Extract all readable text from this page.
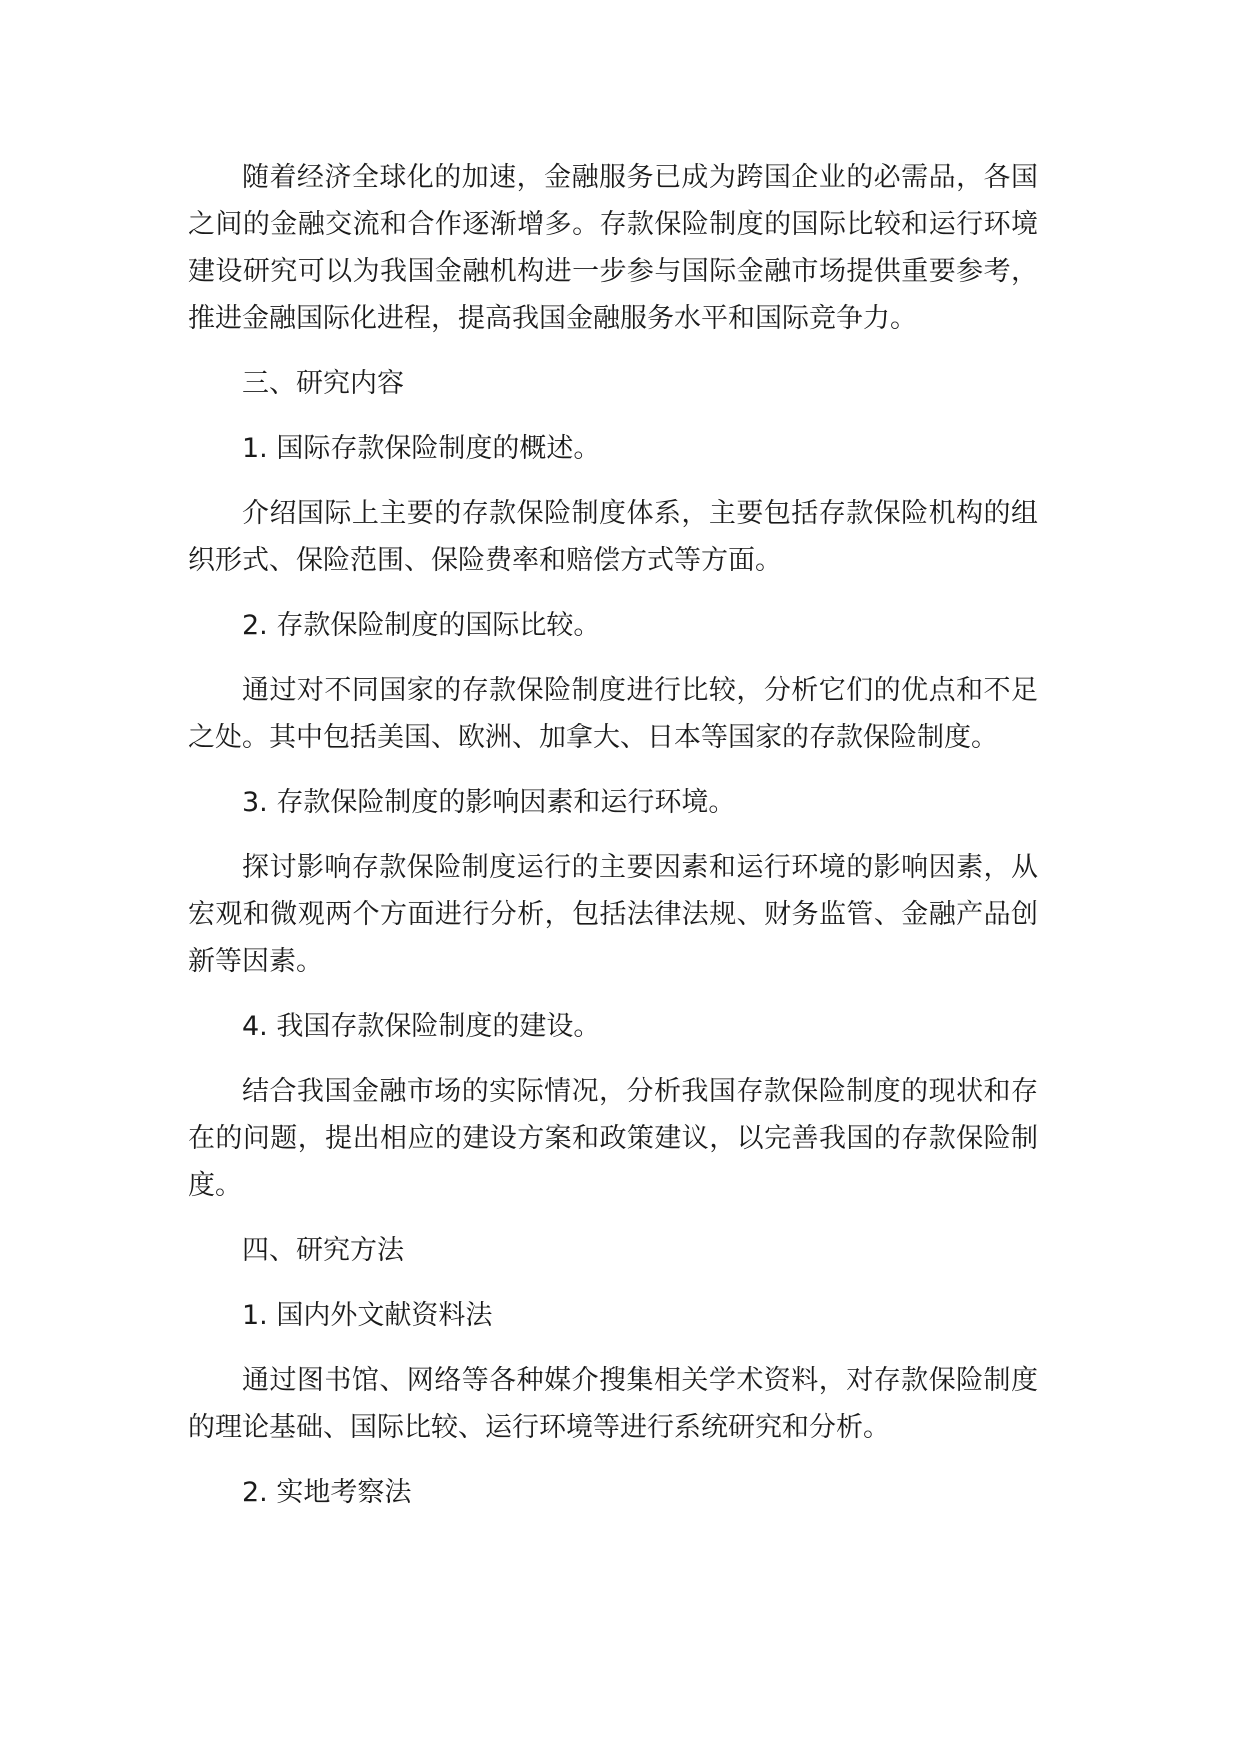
随着经济全球化的加速，金融服务已成为跨国企业的必需品，各国之间的金融交流和合作逐渐增多。存款保险制度的国际比较和运行环境建设研究可以为我国金融机构进一步参与国际金融市场提供重要参考，推进金融国际化进程，提高我国金融服务水平和国际竞争力。

三、研究内容

1. 国际存款保险制度的概述。

介绍国际上主要的存款保险制度体系，主要包括存款保险机构的组织形式、保险范围、保险费率和赔偿方式等方面。

2. 存款保险制度的国际比较。

通过对不同国家的存款保险制度进行比较，分析它们的优点和不足之处。其中包括美国、欧洲、加拿大、日本等国家的存款保险制度。

3. 存款保险制度的影响因素和运行环境。

探讨影响存款保险制度运行的主要因素和运行环境的影响因素，从宏观和微观两个方面进行分析，包括法律法规、财务监管、金融产品创新等因素。

4. 我国存款保险制度的建设。

结合我国金融市场的实际情况，分析我国存款保险制度的现状和存在的问题，提出相应的建设方案和政策建议，以完善我国的存款保险制度。

四、研究方法

1. 国内外文献资料法

通过图书馆、网络等各种媒介搜集相关学术资料，对存款保险制度的理论基础、国际比较、运行环境等进行系统研究和分析。

2. 实地考察法
